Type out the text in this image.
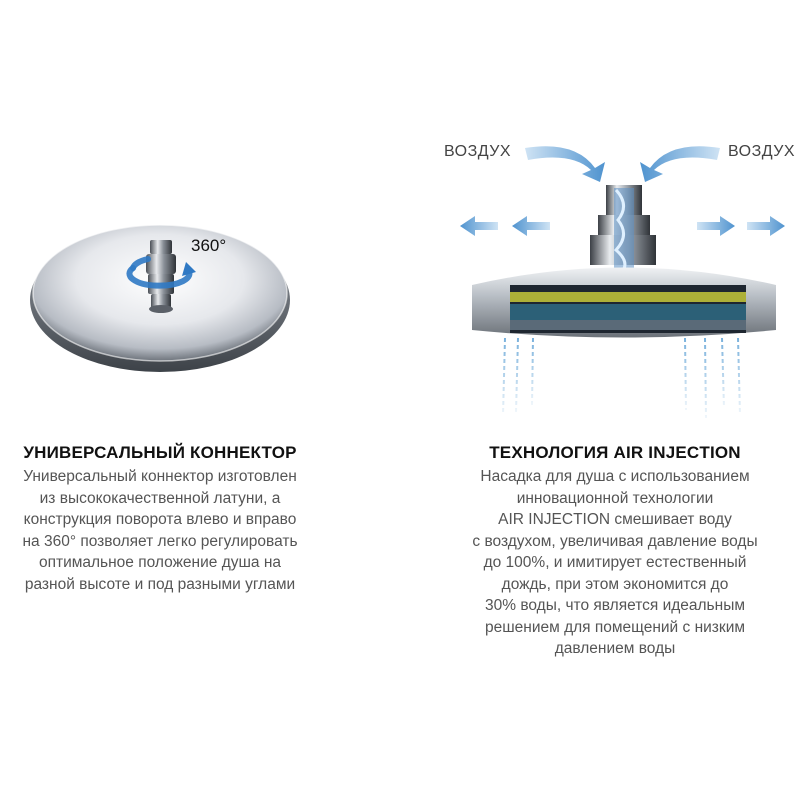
360°
УНИВЕРСАЛЬНЫЙ КОННЕКТОР
Универсальный коннектор изготовлен
из высококачественной латуни, а
конструкция поворота влево и вправо
на 360° позволяет легко регулировать
оптимальное положение душа на
разной высоте и под разными углами
ВОЗДУХ	ВОЗДУХ
ТЕХНОЛОГИЯ AIR INJECTION
Насадка для душа с использованием
инновационной технологии
AIR INJECTION смешивает воду
с воздухом, увеличивая давление воды
до 100%, и имитирует естественный
дождь, при этом экономится до
30% воды, что является идеальным
решением для помещений с низким
давлением воды
